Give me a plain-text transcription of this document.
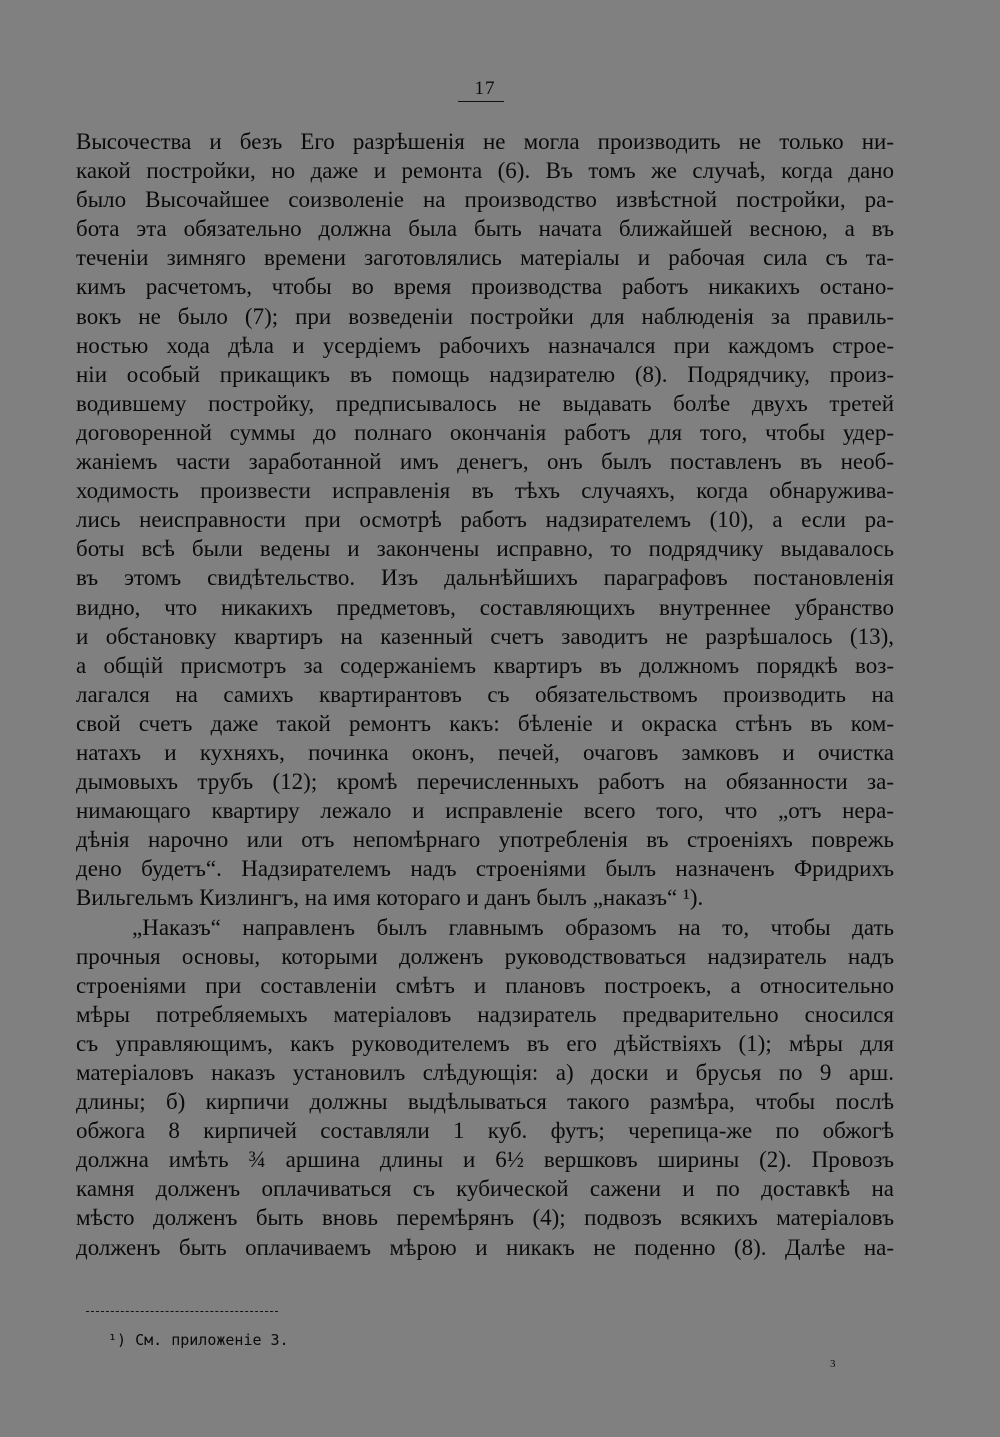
17
Высочества и безъ Его разрѣшенія не могла производить не только ни-
какой постройки, но даже и ремонта (6). Въ томъ же случаѣ, когда дано
было Высочайшее соизволеніе на производство извѣстной постройки, ра-
бота эта обязательно должна была быть начата ближайшей весною, а въ
теченіи зимняго времени заготовлялись матеріалы и рабочая сила съ та-
кимъ расчетомъ, чтобы во время производства работъ никакихъ остано-
вокъ не было (7); при возведеніи постройки для наблюденія за правиль-
ностью хода дѣла и усердіемъ рабочихъ назначался при каждомъ строе-
ніи особый прикащикъ въ помощь надзирателю (8). Подрядчику, произ-
водившему постройку, предписывалось не выдавать болѣе двухъ третей
договоренной суммы до полнаго окончанія работъ для того, чтобы удер-
жаніемъ части заработанной имъ денегъ, онъ былъ поставленъ въ необ-
ходимость произвести исправленія въ тѣхъ случаяхъ, когда обнаружива-
лись неисправности при осмотрѣ работъ надзирателемъ (10), а если ра-
боты всѣ были ведены и закончены исправно, то подрядчику выдавалось
въ этомъ свидѣтельство. Изъ дальнѣйшихъ параграфовъ постановленія
видно, что никакихъ предметовъ, составляющихъ внутреннее убранство
и обстановку квартиръ на казенный счетъ заводитъ не разрѣшалось (13),
а общій присмотръ за содержаніемъ квартиръ въ должномъ порядкѣ воз-
лагался на самихъ квартирантовъ съ обязательствомъ производить на
свой счетъ даже такой ремонтъ какъ: бѣленіе и окраска стѣнъ въ ком-
натахъ и кухняхъ, починка оконъ, печей, очаговъ замковъ и очистка
дымовыхъ трубъ (12); кромѣ перечисленныхъ работъ на обязанности за-
нимающаго квартиру лежало и исправленіе всего того, что „отъ нера-
дѣнія нарочно или отъ непомѣрнаго употребленія въ строеніяхъ поврежь
дено будетъ“. Надзирателемъ надъ строеніями былъ назначенъ Фридрихъ
Вильгельмъ Кизлингъ, на имя котораго и данъ былъ „наказъ“ ¹).
„Наказъ“ направленъ былъ главнымъ образомъ на то, чтобы дать
прочныя основы, которыми долженъ руководствоваться надзиратель надъ
строеніями при составленіи смѣтъ и плановъ построекъ, а относительно
мѣры потребляемыхъ матеріаловъ надзиратель предварительно сносился
съ управляющимъ, какъ руководителемъ въ его дѣйствіяхъ (1); мѣры для
матеріаловъ наказъ установилъ слѣдующія: а) доски и брусья по 9 арш.
длины; б) кирпичи должны выдѣлываться такого размѣра, чтобы послѣ
обжога 8 кирпичей составляли 1 куб. футъ; черепица-же по обжогѣ
должна имѣть ¾ аршина длины и 6½ вершковъ ширины (2). Провозъ
камня долженъ оплачиваться съ кубической сажени и по доставкѣ на
мѣсто долженъ быть вновь перемѣрянъ (4); подвозъ всякихъ матеріаловъ
долженъ быть оплачиваемъ мѣрою и никакъ не поденно (8). Далѣе на-
¹) См. приложеніе 3.
3
